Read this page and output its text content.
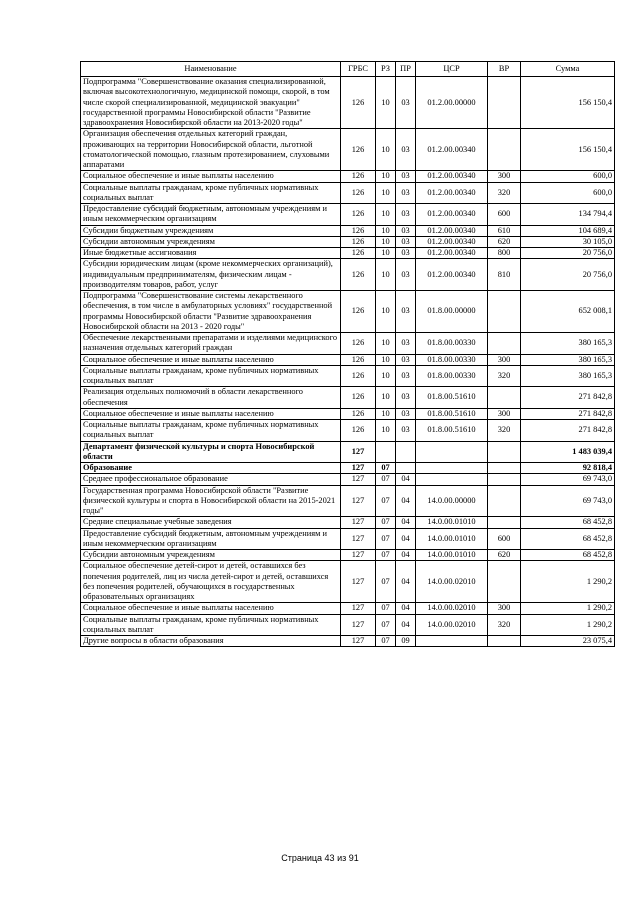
Наименование	ГРБС	РЗ	ПР	ЦСР	ВР	Сумма
Подпрограмма "Совершенствование оказания специализированной, включая высокотехнологичную, медицинской помощи, скорой, в том числе скорой специализированной, медицинской эвакуации" государственной программы Новосибирской области "Развитие здравоохранения Новосибирской области на 2013-2020 годы"	126	10	03	01.2.00.00000		156 150,4
Организация обеспечения отдельных категорий граждан, проживающих на территории Новосибирской области, льготной стоматологической помощью, глазным протезированием, слуховыми аппаратами	126	10	03	01.2.00.00340		156 150,4
Социальное обеспечение и иные выплаты населению	126	10	03	01.2.00.00340	300	600,0
Социальные выплаты гражданам, кроме публичных нормативных социальных выплат	126	10	03	01.2.00.00340	320	600,0
Предоставление субсидий бюджетным, автономным учреждениям и иным некоммерческим организациям	126	10	03	01.2.00.00340	600	134 794,4
Субсидии бюджетным учреждениям	126	10	03	01.2.00.00340	610	104 689,4
Субсидии автономным учреждениям	126	10	03	01.2.00.00340	620	30 105,0
Иные бюджетные ассигнования	126	10	03	01.2.00.00340	800	20 756,0
Субсидии юридическим лицам (кроме некоммерческих организаций), индивидуальным предпринимателям, физическим лицам - производителям товаров, работ, услуг	126	10	03	01.2.00.00340	810	20 756,0
Подпрограмма "Совершенствование системы лекарственного обеспечения, в том числе в амбулаторных условиях" государственной программы Новосибирской области "Развитие здравоохранения Новосибирской области на 2013 - 2020 годы"	126	10	03	01.8.00.00000		652 008,1
Обеспечение лекарственными препаратами и изделиями медицинского назначения отдельных категорий граждан	126	10	03	01.8.00.00330		380 165,3
Социальное обеспечение и иные выплаты населению	126	10	03	01.8.00.00330	300	380 165,3
Социальные выплаты гражданам, кроме публичных нормативных социальных выплат	126	10	03	01.8.00.00330	320	380 165,3
Реализация отдельных полномочий в области лекарственного обеспечения	126	10	03	01.8.00.51610		271 842,8
Социальное обеспечение и иные выплаты населению	126	10	03	01.8.00.51610	300	271 842,8
Социальные выплаты гражданам, кроме публичных нормативных социальных выплат	126	10	03	01.8.00.51610	320	271 842,8
Департамент физической культуры и спорта Новосибирской области	127					1 483 039,4
Образование	127	07				92 818,4
Среднее профессиональное образование	127	07	04			69 743,0
Государственная программа Новосибирской области "Развитие физической культуры и спорта в Новосибирской области на 2015-2021 годы"	127	07	04	14.0.00.00000		69 743,0
Средние специальные учебные заведения	127	07	04	14.0.00.01010		68 452,8
Предоставление субсидий бюджетным, автономным учреждениям и иным некоммерческим организациям	127	07	04	14.0.00.01010	600	68 452,8
Субсидии автономным учреждениям	127	07	04	14.0.00.01010	620	68 452,8
Социальное обеспечение детей-сирот и детей, оставшихся без попечения родителей, лиц из числа детей-сирот и детей, оставшихся без попечения родителей, обучающихся в государственных образовательных организациях	127	07	04	14.0.00.02010		1 290,2
Социальное обеспечение и иные выплаты населению	127	07	04	14.0.00.02010	300	1 290,2
Социальные выплаты гражданам, кроме публичных нормативных социальных выплат	127	07	04	14.0.00.02010	320	1 290,2
Другие вопросы в области образования	127	07	09			23 075,4
Страница 43 из 91
